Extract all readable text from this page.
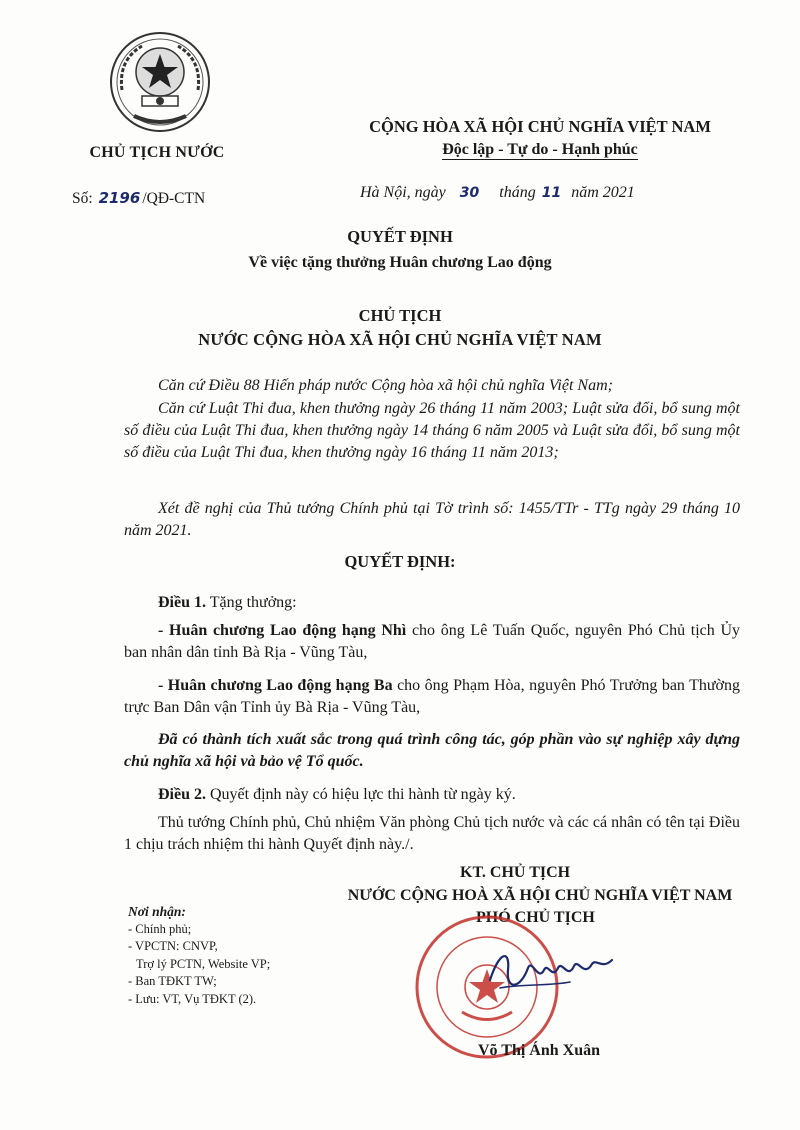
CHỦ TỊCH NƯỚC
CỘNG HÒA XÃ HỘI CHỦ NGHĨA VIỆT NAM
Độc lập - Tự do - Hạnh phúc
Số: 2196 /QĐ-CTN	Hà Nội, ngày 30 tháng 11 năm 2021
QUYẾT ĐỊNH
Về việc tặng thưởng Huân chương Lao động
CHỦ TỊCH
NƯỚC CỘNG HÒA XÃ HỘI CHỦ NGHĨA VIỆT NAM
Căn cứ Điều 88 Hiến pháp nước Cộng hòa xã hội chủ nghĩa Việt Nam;
Căn cứ Luật Thi đua, khen thưởng ngày 26 tháng 11 năm 2003; Luật sửa đổi, bổ sung một số điều của Luật Thi đua, khen thưởng ngày 14 tháng 6 năm 2005 và Luật sửa đổi, bổ sung một số điều của Luật Thi đua, khen thưởng ngày 16 tháng 11 năm 2013;
Xét đề nghị của Thủ tướng Chính phủ tại Tờ trình số: 1455/TTr - TTg ngày 29 tháng 10 năm 2021.
QUYẾT ĐỊNH:
Điều 1. Tặng thưởng:
- Huân chương Lao động hạng Nhì cho ông Lê Tuấn Quốc, nguyên Phó Chủ tịch Ủy ban nhân dân tỉnh Bà Rịa - Vũng Tàu,
- Huân chương Lao động hạng Ba cho ông Phạm Hòa, nguyên Phó Trưởng ban Thường trực Ban Dân vận Tỉnh ủy Bà Rịa - Vũng Tàu,
Đã có thành tích xuất sắc trong quá trình công tác, góp phần vào sự nghiệp xây dựng chủ nghĩa xã hội và bảo vệ Tổ quốc.
Điều 2. Quyết định này có hiệu lực thi hành từ ngày ký.
Thủ tướng Chính phủ, Chủ nhiệm Văn phòng Chủ tịch nước và các cá nhân có tên tại Điều 1 chịu trách nhiệm thi hành Quyết định này./.
KT. CHỦ TỊCH
NƯỚC CỘNG HOÀ XÃ HỘI CHỦ NGHĨA VIỆT NAM
PHÓ CHỦ TỊCH
Nơi nhận:
- Chính phủ;
- VPCTN: CNVP,
Trợ lý PCTN, Website VP;
- Ban TĐKT TW;
- Lưu: VT, Vụ TĐKT (2).
Võ Thị Ánh Xuân
